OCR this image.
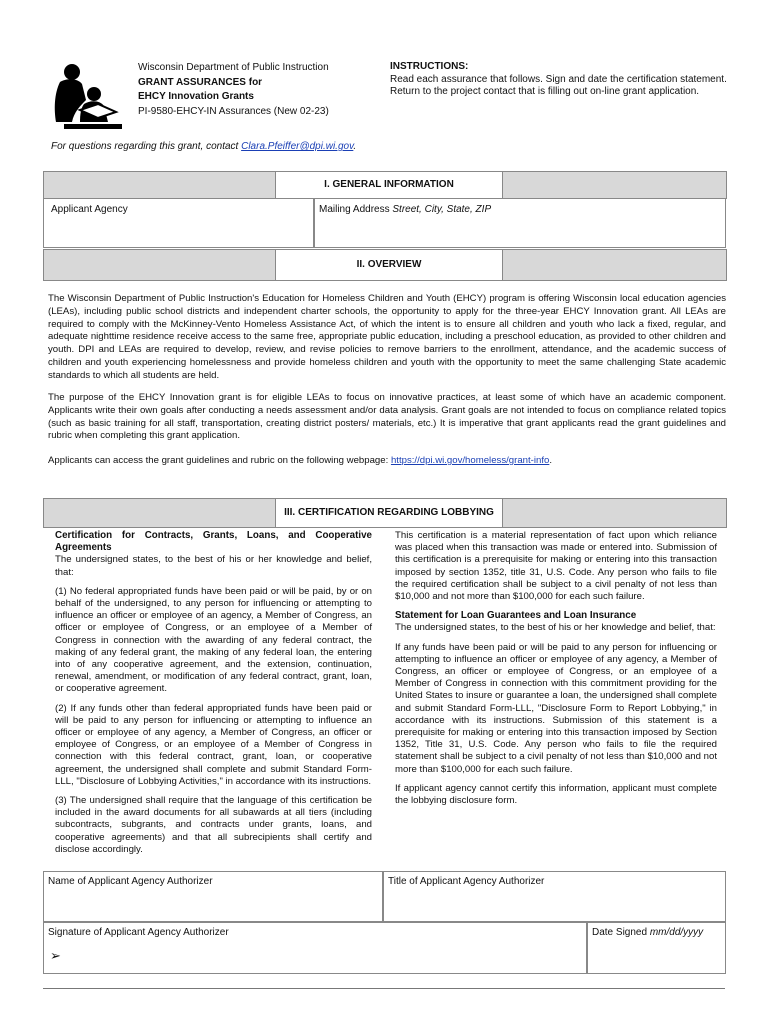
Wisconsin Department of Public Instruction
GRANT ASSURANCES for
EHCY Innovation Grants
PI-9580-EHCY-IN Assurances (New 02-23)
INSTRUCTIONS:
Read each assurance that follows. Sign and date the certification statement. Return to the project contact that is filling out on-line grant application.
For questions regarding this grant, contact Clara.Pfeiffer@dpi.wi.gov.
I. GENERAL INFORMATION
Applicant Agency	Mailing Address Street, City, State, ZIP
II. OVERVIEW
The Wisconsin Department of Public Instruction's Education for Homeless Children and Youth (EHCY) program is offering Wisconsin local education agencies (LEAs), including public school districts and independent charter schools, the opportunity to apply for the three-year EHCY Innovation grant. All LEAs are required to comply with the McKinney-Vento Homeless Assistance Act, of which the intent is to ensure all children and youth who lack a fixed, regular, and adequate nighttime residence receive access to the same free, appropriate public education, including a preschool education, as provided to other children and youth. DPI and LEAs are required to develop, review, and revise policies to remove barriers to the enrollment, attendance, and the academic success of children and youth experiencing homelessness and provide homeless children and youth with the opportunity to meet the same challenging State academic standards to which all students are held.
The purpose of the EHCY Innovation grant is for eligible LEAs to focus on innovative practices, at least some of which have an academic component. Applicants write their own goals after conducting a needs assessment and/or data analysis. Grant goals are not intended to focus on compliance related topics (such as basic training for all staff, transportation, creating district posters/ materials, etc.) It is imperative that grant applicants read the grant guidelines and rubric when completing this grant application.
Applicants can access the grant guidelines and rubric on the following webpage: https://dpi.wi.gov/homeless/grant-info.
III. CERTIFICATION REGARDING LOBBYING
Certification for Contracts, Grants, Loans, and Cooperative Agreements

The undersigned states, to the best of his or her knowledge and belief, that:

(1) No federal appropriated funds have been paid or will be paid, by or on behalf of the undersigned, to any person for influencing or attempting to influence an officer or employee of an agency, a Member of Congress, an officer or employee of Congress, or an employee of a Member of Congress in connection with the awarding of any federal contract, the making of any federal grant, the making of any federal loan, the entering into of any cooperative agreement, and the extension, continuation, renewal, amendment, or modification of any federal contract, grant, loan, or cooperative agreement.

(2) If any funds other than federal appropriated funds have been paid or will be paid to any person for influencing or attempting to influence an officer or employee of any agency, a Member of Congress, an officer or employee of Congress, or an employee of a Member of Congress in connection with this federal contract, grant, loan, or cooperative agreement, the undersigned shall complete and submit Standard Form-LLL, "Disclosure of Lobbying Activities," in accordance with its instructions.

(3) The undersigned shall require that the language of this certification be included in the award documents for all subawards at all tiers (including subcontracts, subgrants, and contracts under grants, loans, and cooperative agreements) and that all subrecipients shall certify and disclose accordingly.

This certification is a material representation of fact upon which reliance was placed when this transaction was made or entered into. Submission of this certification is a prerequisite for making or entering into this transaction imposed by section 1352, title 31, U.S. Code. Any person who fails to file the required certification shall be subject to a civil penalty of not less than $10,000 and not more than $100,000 for each such failure.

Statement for Loan Guarantees and Loan Insurance

The undersigned states, to the best of his or her knowledge and belief, that:

If any funds have been paid or will be paid to any person for influencing or attempting to influence an officer or employee of any agency, a Member of Congress, an officer or employee of Congress, or an employee of a Member of Congress in connection with this commitment providing for the United States to insure or guarantee a loan, the undersigned shall complete and submit Standard Form-LLL, "Disclosure Form to Report Lobbying," in accordance with its instructions. Submission of this statement is a prerequisite for making or entering into this transaction imposed by Section 1352, Title 31, U.S. Code. Any person who fails to file the required statement shall be subject to a civil penalty of not less than $10,000 and not more than $100,000 for each such failure.

If applicant agency cannot certify this information, applicant must complete the lobbying disclosure form.

Name of Applicant Agency Authorizer	Title of Applicant Agency Authorizer
Signature of Applicant Agency Authorizer
➢
Date Signed mm/dd/yyyy
